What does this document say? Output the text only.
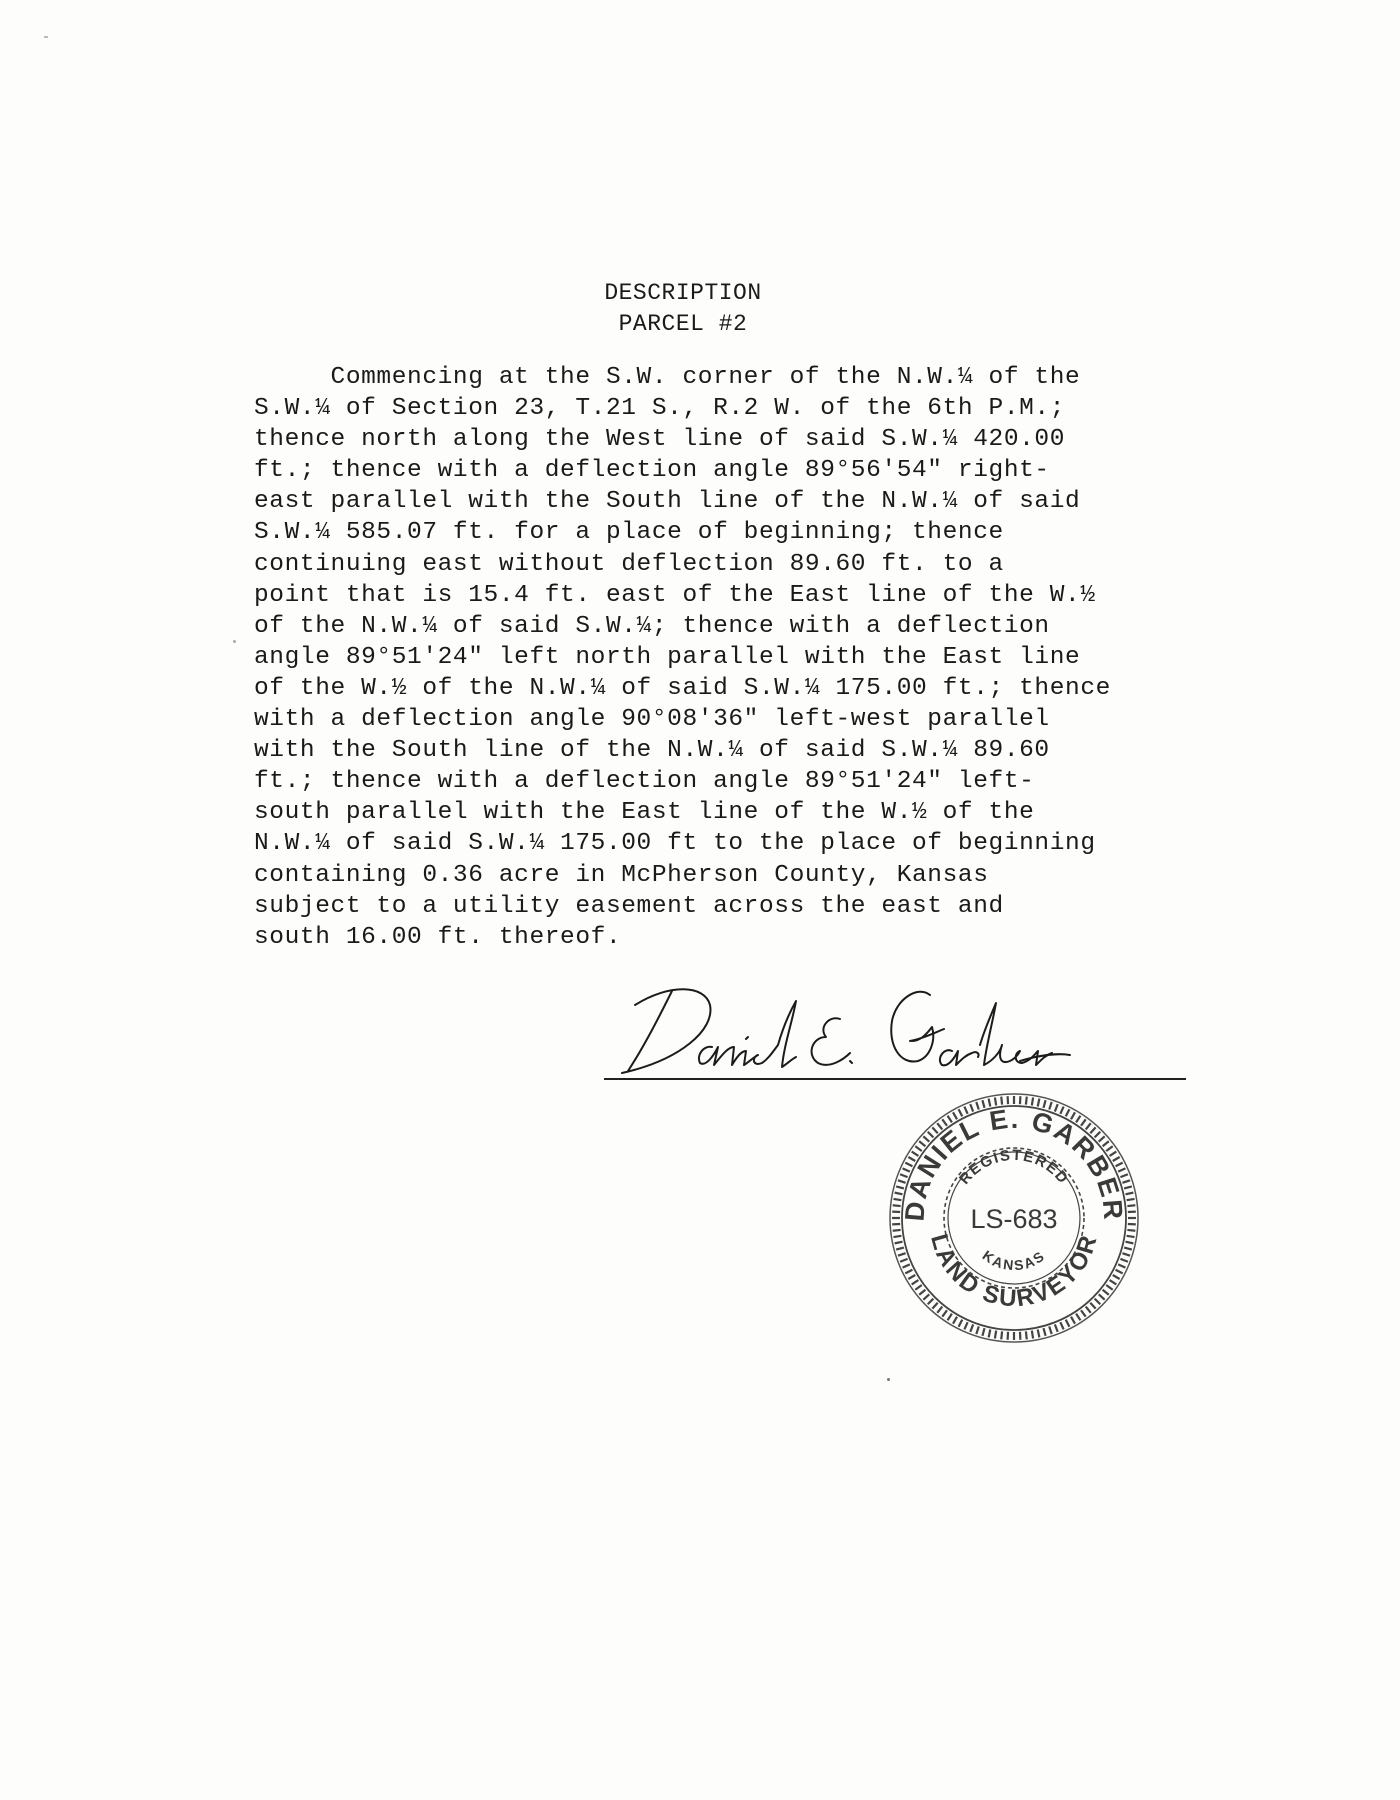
DESCRIPTION
PARCEL #2
Commencing at the S.W. corner of the N.W.¼ of the
S.W.¼ of Section 23, T.21 S., R.2 W. of the 6th P.M.;
thence north along the West line of said S.W.¼ 420.00
ft.; thence with a deflection angle 89°56'54" right-
east parallel with the South line of the N.W.¼ of said
S.W.¼ 585.07 ft. for a place of beginning; thence
continuing east without deflection 89.60 ft. to a
point that is 15.4 ft. east of the East line of the W.½
of the N.W.¼ of said S.W.¼; thence with a deflection
angle 89°51'24" left north parallel with the East line
of the W.½ of the N.W.¼ of said S.W.¼ 175.00 ft.; thence
with a deflection angle 90°08'36" left-west parallel
with the South line of the N.W.¼ of said S.W.¼ 89.60
ft.; thence with a deflection angle 89°51'24" left-
south parallel with the East line of the W.½ of the
N.W.¼ of said S.W.¼ 175.00 ft to the place of beginning
containing 0.36 acre in McPherson County, Kansas
subject to a utility easement across the east and
south 16.00 ft. thereof.
DANIEL E. GARBER
LAND SURVEYOR
REGISTERED
KANSAS
LS-683
